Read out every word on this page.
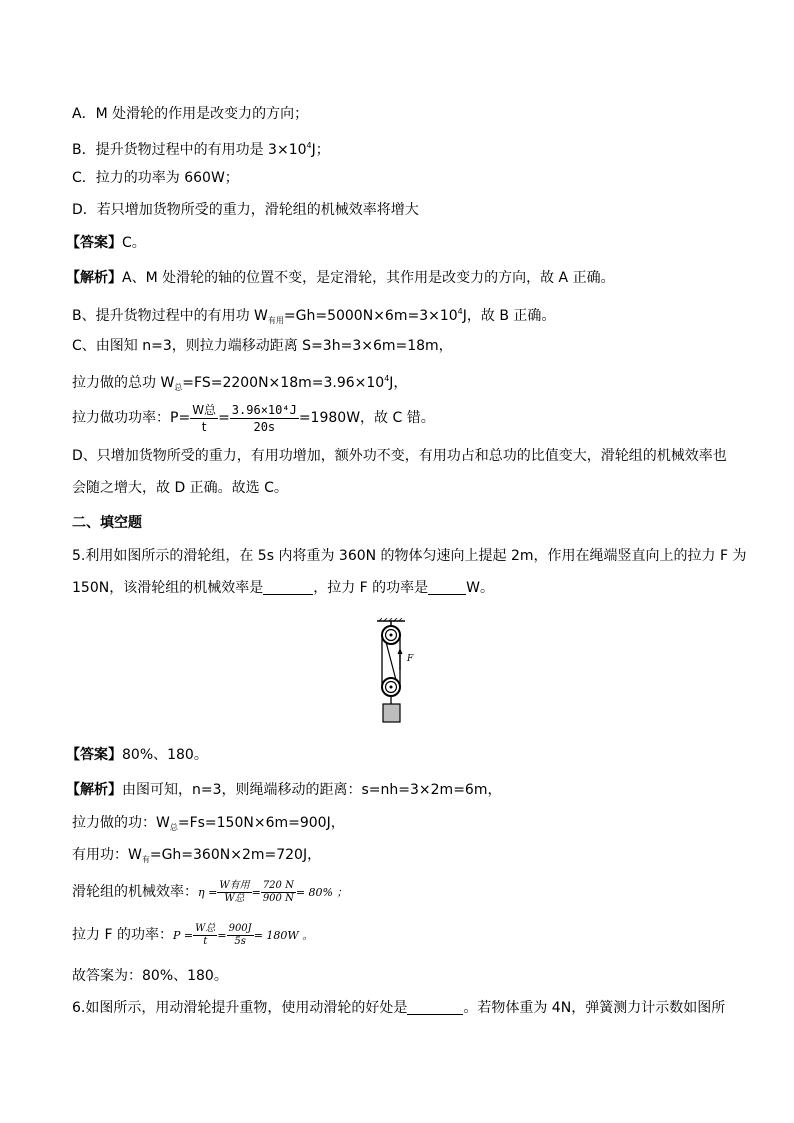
A．M 处滑轮的作用是改变力的方向；
B．提升货物过程中的有用功是 $3\times 10^4J$；
C．拉力的功率为 660W；
D．若只增加货物所受的重力，滑轮组的机械效率将增大
【答案】C。
【解析】A、M 处滑轮的轴的位置不变，是定滑轮，其作用是改变力的方向，故 A 正确。
B、提升货物过程中的有用功 $W_{有用}=Gh=5000N\times 6m=3\times 10^4J$，故 B 正确。
C、由图知 n=3，则拉力端移动距离 S=3h=3×6m=18m，
拉力做的总功 $W_总=FS=2200N\times 18m=3.96\times 10^4J$，
拉力做功功率：$P= \frac{\text{W总}}{t} = \frac{\text{3.96×10⁴J}}{20s} =1980W$，故 C 错。
D、只增加货物所受的重力，有用功增加，额外功不变，有用功占和总功的比值变大，滑轮组的机械效率也
会随之增大，故 D 正确。故选 C。
二、填空题
5.利用如图所示的滑轮组，在 5s 内将重为 360N 的物体匀速向上提起 2m，作用在绳端竖直向上的拉力 F 为
150N，该滑轮组的机械效率是	，拉力 F 的功率是	W。
F
【答案】80%、180。
【解析】由图可知，n=3，则绳端移动的距离：s=nh=3×2m=6m，
拉力做的功：$W_总=Fs=150N\times 6m=900J$，
有用功：$W_有=Gh=360N\times 2m=720J$，
滑轮组的机械效率：$\eta = \frac{\text{W有用}}{\text{W总}} = \frac{720 N}{900 N} = 80\%$ ；
拉力 F 的功率：$P = \frac{\text{W总}}{t} = \frac{900J}{5s} = 180W$ 。
故答案为：80%、180。
6.如图所示，用动滑轮提升重物，使用动滑轮的好处是	。若物体重为 4N，弹簧测力计示数如图所
